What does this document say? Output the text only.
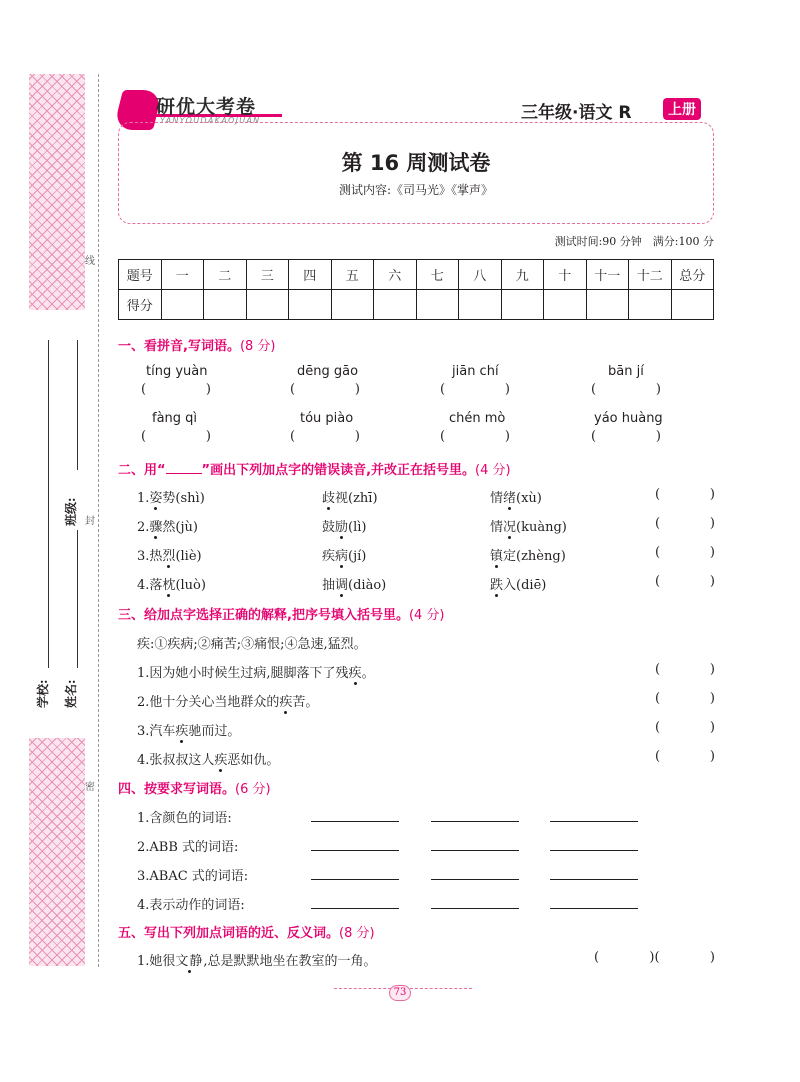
线
封
密
班级:
姓名:
学校:
研优大考卷
YANYOUDAKAOJUAN	三年级·语文 R	上册
第 16 周测试卷
测试内容:《司马光》《掌声》
测试时间:90 分钟　满分:100 分
题号	一	二	三	四	五	六	七	八	九	十	十一	十二	总分
得分													
一、看拼音,写词语。(8 分)
tíng yuàn	dēng gāo	jiān chí	bān jí
(	)	(	)	(	)	(	)
fàng qì	tóu piào	chén mò	yáo huàng
(	)	(	)	(	)	(	)
二、用“	”画出下列加点字的错误读音,并改正在括号里。(4 分)
1.姿势(shì)	歧视(zhī)	情绪(xù)	(	)
2.骤然(jù)	鼓励(lì)	情况(kuàng)	(	)
3.热烈(liè)	疾病(jí)	镇定(zhèng)	(	)
4.落枕(luò)	抽调(diào)	跌入(diē)	(	)
三、给加点字选择正确的解释,把序号填入括号里。(4 分)
疾:①疾病;②痛苦;③痛恨;④急速,猛烈。
1.因为她小时候生过病,腿脚落下了残疾。	(	)
2.他十分关心当地群众的疾苦。	(	)
3.汽车疾驰而过。	(	)
4.张叔叔这人疾恶如仇。	(	)
四、按要求写词语。(6 分)
1.含颜色的词语:
2.ABB 式的词语:
3.ABAC 式的词语:
4.表示动作的词语:
五、写出下列加点词语的近、反义词。(8 分)
1.她很文静,总是默默地坐在教室的一角。	(	)(	)
73
